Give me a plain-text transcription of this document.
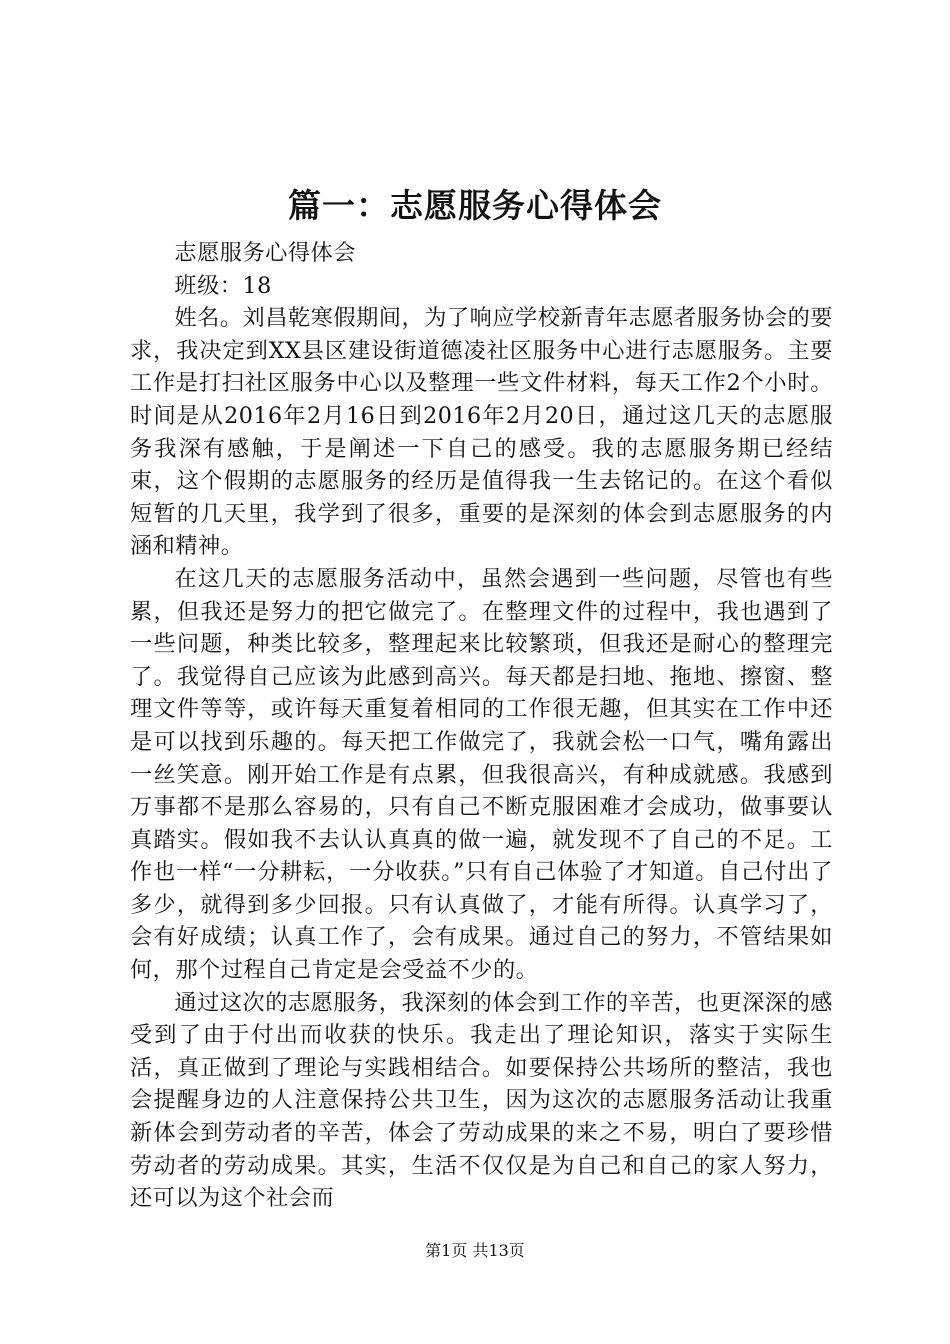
篇一：志愿服务心得体会

志愿服务心得体会

班级：18

姓名。刘昌乾寒假期间，为了响应学校新青年志愿者服务协会的要求，我决定到XX县区建设街道德凌社区服务中心进行志愿服务。主要工作是打扫社区服务中心以及整理一些文件材料，每天工作2个小时。时间是从2016年2月16日到2016年2月20日，通过这几天的志愿服务我深有感触，于是阐述一下自己的感受。我的志愿服务期已经结束，这个假期的志愿服务的经历是值得我一生去铭记的。在这个看似短暂的几天里，我学到了很多，重要的是深刻的体会到志愿服务的内涵和精神。

在这几天的志愿服务活动中，虽然会遇到一些问题，尽管也有些累，但我还是努力的把它做完了。在整理文件的过程中，我也遇到了一些问题，种类比较多，整理起来比较繁琐，但我还是耐心的整理完了。我觉得自己应该为此感到高兴。每天都是扫地、拖地、擦窗、整理文件等等，或许每天重复着相同的工作很无趣，但其实在工作中还是可以找到乐趣的。每天把工作做完了，我就会松一口气，嘴角露出一丝笑意。刚开始工作是有点累，但我很高兴，有种成就感。我感到万事都不是那么容易的，只有自己不断克服困难才会成功，做事要认真踏实。假如我不去认认真真的做一遍，就发现不了自己的不足。工作也一样“一分耕耘，一分收获。”只有自己体验了才知道。自己付出了多少，就得到多少回报。只有认真做了，才能有所得。认真学习了，会有好成绩；认真工作了，会有成果。通过自己的努力，不管结果如何，那个过程自己肯定是会受益不少的。

通过这次的志愿服务，我深刻的体会到工作的辛苦，也更深深的感受到了由于付出而收获的快乐。我走出了理论知识，落实于实际生活，真正做到了理论与实践相结合。如要保持公共场所的整洁，我也会提醒身边的人注意保持公共卫生，因为这次的志愿服务活动让我重新体会到劳动者的辛苦，体会了劳动成果的来之不易，明白了要珍惜劳动者的劳动成果。其实，生活不仅仅是为自己和自己的家人努力，还可以为这个社会而

第1页 共13页
